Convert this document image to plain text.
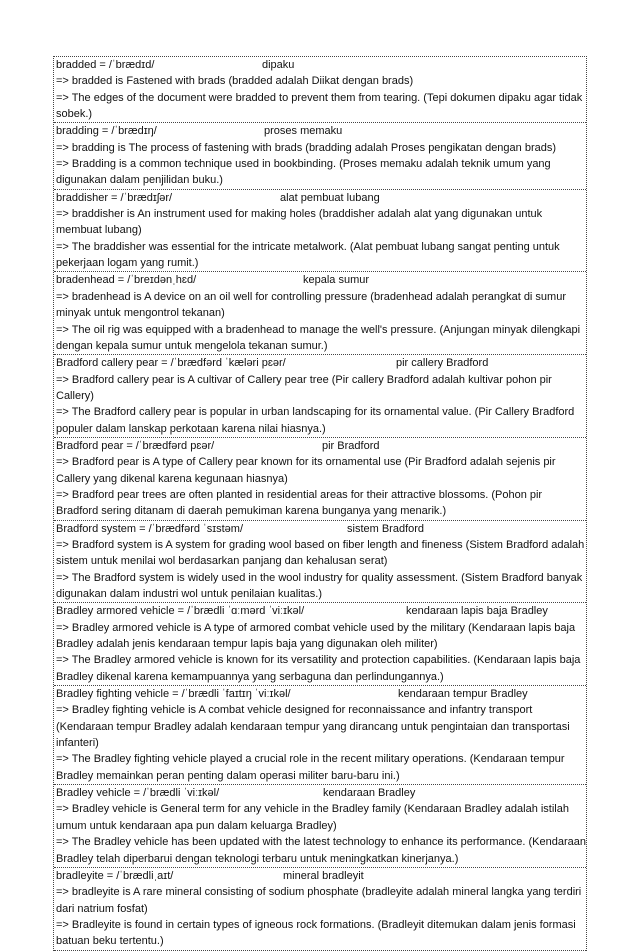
bradded = /ˈbrædɪd/	dipaku
=> bradded is Fastened with brads (bradded adalah Diikat dengan brads)
=> The edges of the document were bradded to prevent them from tearing. (Tepi dokumen dipaku agar tidak sobek.)
bradding = /ˈbrædɪŋ/	proses memaku
=> bradding is The process of fastening with brads (bradding adalah Proses pengikatan dengan brads)
=> Bradding is a common technique used in bookbinding. (Proses memaku adalah teknik umum yang digunakan dalam penjilidan buku.)
braddisher = /ˈbrædɪʃər/	alat pembuat lubang
=> braddisher is An instrument used for making holes (braddisher adalah alat yang digunakan untuk membuat lubang)
=> The braddisher was essential for the intricate metalwork. (Alat pembuat lubang sangat penting untuk pekerjaan logam yang rumit.)
bradenhead = /ˈbreɪdənˌhɛd/	kepala sumur
=> bradenhead is A device on an oil well for controlling pressure (bradenhead adalah perangkat di sumur minyak untuk mengontrol tekanan)
=> The oil rig was equipped with a bradenhead to manage the well's pressure. (Anjungan minyak dilengkapi dengan kepala sumur untuk mengelola tekanan sumur.)
Bradford callery pear = /ˈbrædfərd ˈkæləri pɛər/	pir callery Bradford
=> Bradford callery pear is A cultivar of Callery pear tree (Pir callery Bradford adalah kultivar pohon pir Callery)
=> The Bradford callery pear is popular in urban landscaping for its ornamental value. (Pir Callery Bradford populer dalam lanskap perkotaan karena nilai hiasnya.)
Bradford pear = /ˈbrædfərd pɛər/	pir Bradford
=> Bradford pear is A type of Callery pear known for its ornamental use (Pir Bradford adalah sejenis pir Callery yang dikenal karena kegunaan hiasnya)
=> Bradford pear trees are often planted in residential areas for their attractive blossoms. (Pohon pir Bradford sering ditanam di daerah pemukiman karena bunganya yang menarik.)
Bradford system = /ˈbrædfərd ˈsɪstəm/	sistem Bradford
=> Bradford system is A system for grading wool based on fiber length and fineness (Sistem Bradford adalah sistem untuk menilai wol berdasarkan panjang dan kehalusan serat)
=> The Bradford system is widely used in the wool industry for quality assessment. (Sistem Bradford banyak digunakan dalam industri wol untuk penilaian kualitas.)
Bradley armored vehicle = /ˈbrædli ˈɑːmərd ˈviːɪkəl/	kendaraan lapis baja Bradley
=> Bradley armored vehicle is A type of armored combat vehicle used by the military (Kendaraan lapis baja Bradley adalah jenis kendaraan tempur lapis baja yang digunakan oleh militer)
=> The Bradley armored vehicle is known for its versatility and protection capabilities. (Kendaraan lapis baja Bradley dikenal karena kemampuannya yang serbaguna dan perlindungannya.)
Bradley fighting vehicle = /ˈbrædli ˈfaɪtɪŋ ˈviːɪkəl/	kendaraan tempur Bradley
=> Bradley fighting vehicle is A combat vehicle designed for reconnaissance and infantry transport (Kendaraan tempur Bradley adalah kendaraan tempur yang dirancang untuk pengintaian dan transportasi infanteri)
=> The Bradley fighting vehicle played a crucial role in the recent military operations. (Kendaraan tempur Bradley memainkan peran penting dalam operasi militer baru-baru ini.)
Bradley vehicle = /ˈbrædli ˈviːɪkəl/	kendaraan Bradley
=> Bradley vehicle is General term for any vehicle in the Bradley family (Kendaraan Bradley adalah istilah umum untuk kendaraan apa pun dalam keluarga Bradley)
=> The Bradley vehicle has been updated with the latest technology to enhance its performance. (Kendaraan Bradley telah diperbarui dengan teknologi terbaru untuk meningkatkan kinerjanya.)
bradleyite = /ˈbrædliˌaɪt/	mineral bradleyit
=> bradleyite is A rare mineral consisting of sodium phosphate (bradleyite adalah mineral langka yang terdiri dari natrium fosfat)
=> Bradleyite is found in certain types of igneous rock formations. (Bradleyit ditemukan dalam jenis formasi batuan beku tertentu.)
